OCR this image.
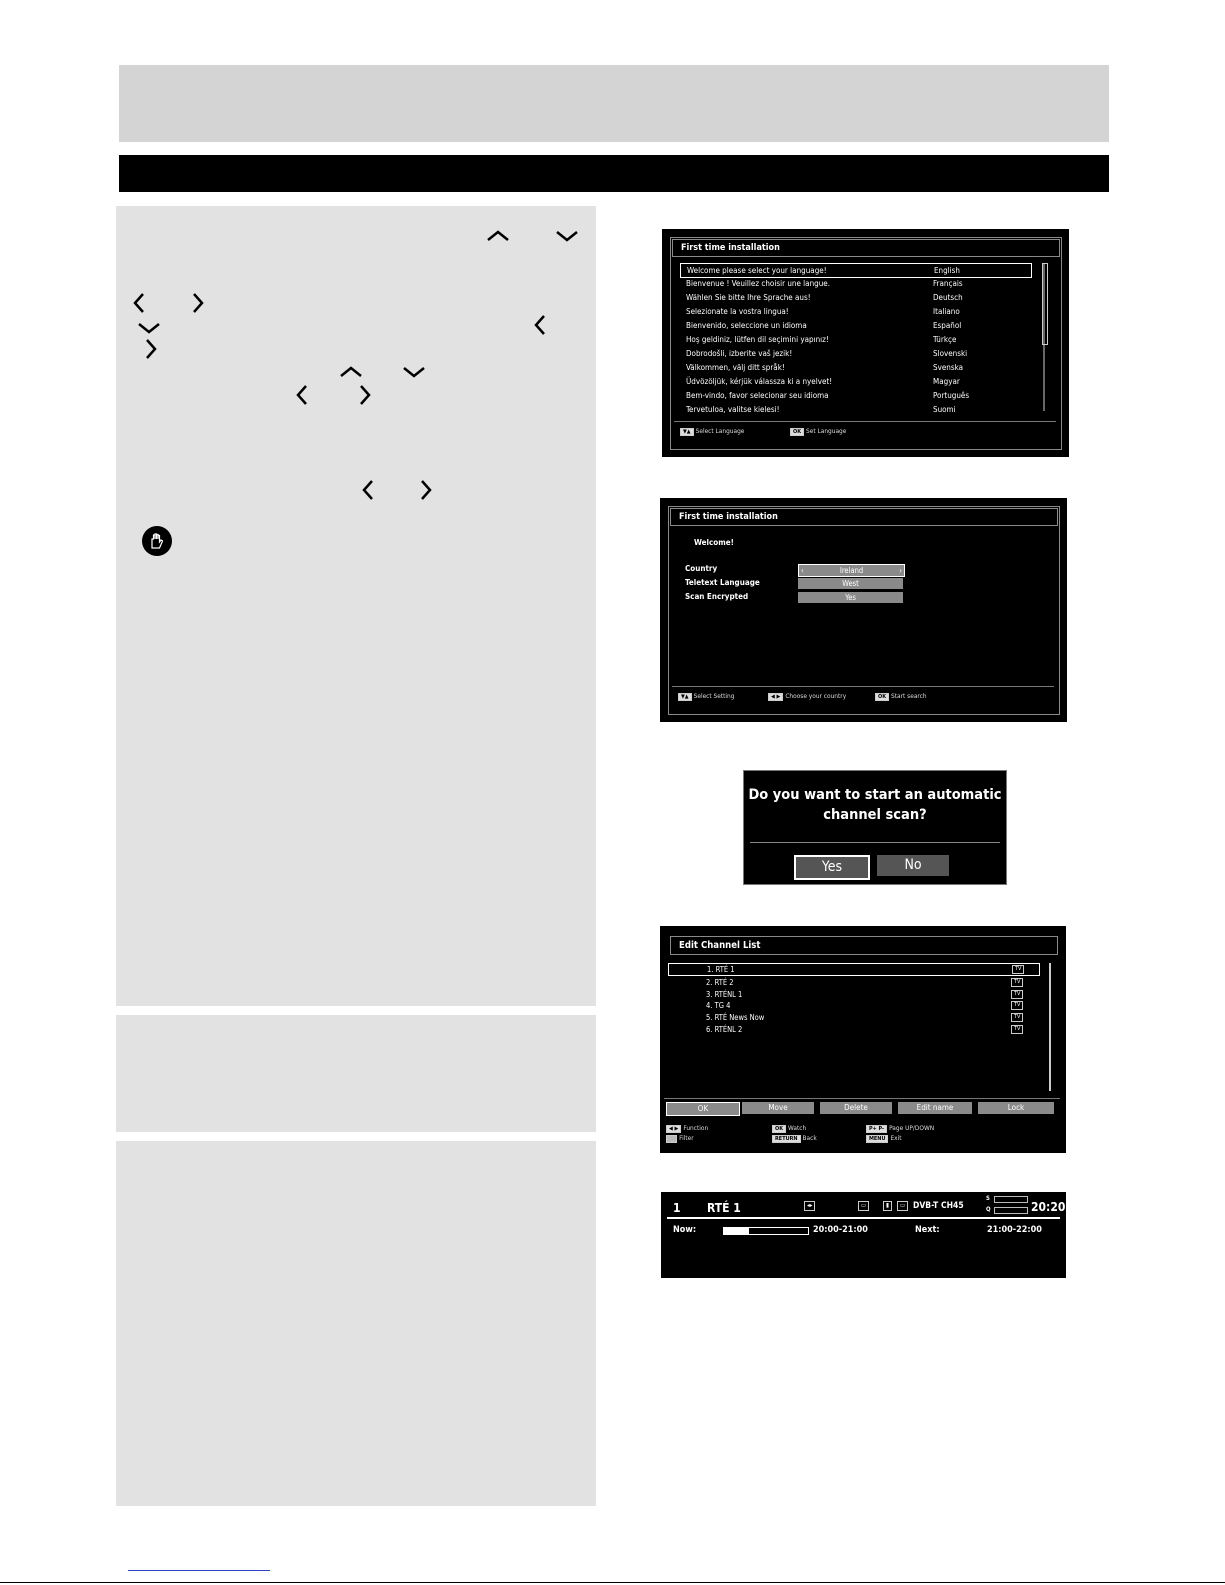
First time installation
Welcome please select your language!	English
Bienvenue ! Veuillez choisir une langue.	Français
Wählen Sie bitte Ihre Sprache aus!	Deutsch
Selezionate la vostra lingua!	Italiano
Bienvenido, seleccione un idioma	Español
Hoş geldiniz, lütfen dil seçimini yapınız!	Türkçe
Dobrodošli, izberite vaš jezik!	Slovenski
Välkommen, välj ditt språk!	Svenska
Üdvözöljük, kérjük válassza ki a nyelvet!	Magyar
Bem-vindo, favor selecionar seu idioma	Português
Tervetuloa, valitse kielesi!	Suomi
▼▲ Select Language	OK Set Language
First time installation
Welcome!
Country	‹	Ireland	›
Teletext Language	West
Scan Encrypted	Yes
▼▲ Select Setting	◀ ▶ Choose your country	OK Start search
Do you want to start an automatic channel scan?
Yes	No
Edit Channel List
1. RTÉ 1	TV
2. RTÉ 2	TV
3. RTÉNL 1	TV
4. TG 4	TV
5. RTÉ News Now	TV
6. RTÉNL 2	TV
OK	Move	Delete	Edit name	Lock
◀ ▶ Function
Filter
OK Watch
RETURN Back
P+ P- Page UP/DOWN
MENU Exit
1 RTÉ 1	◂▸	▭	▮	▭ DVB-T CH45
S
Q	20:20
Now:	20:00-21:00	Next:	21:00-22:00
